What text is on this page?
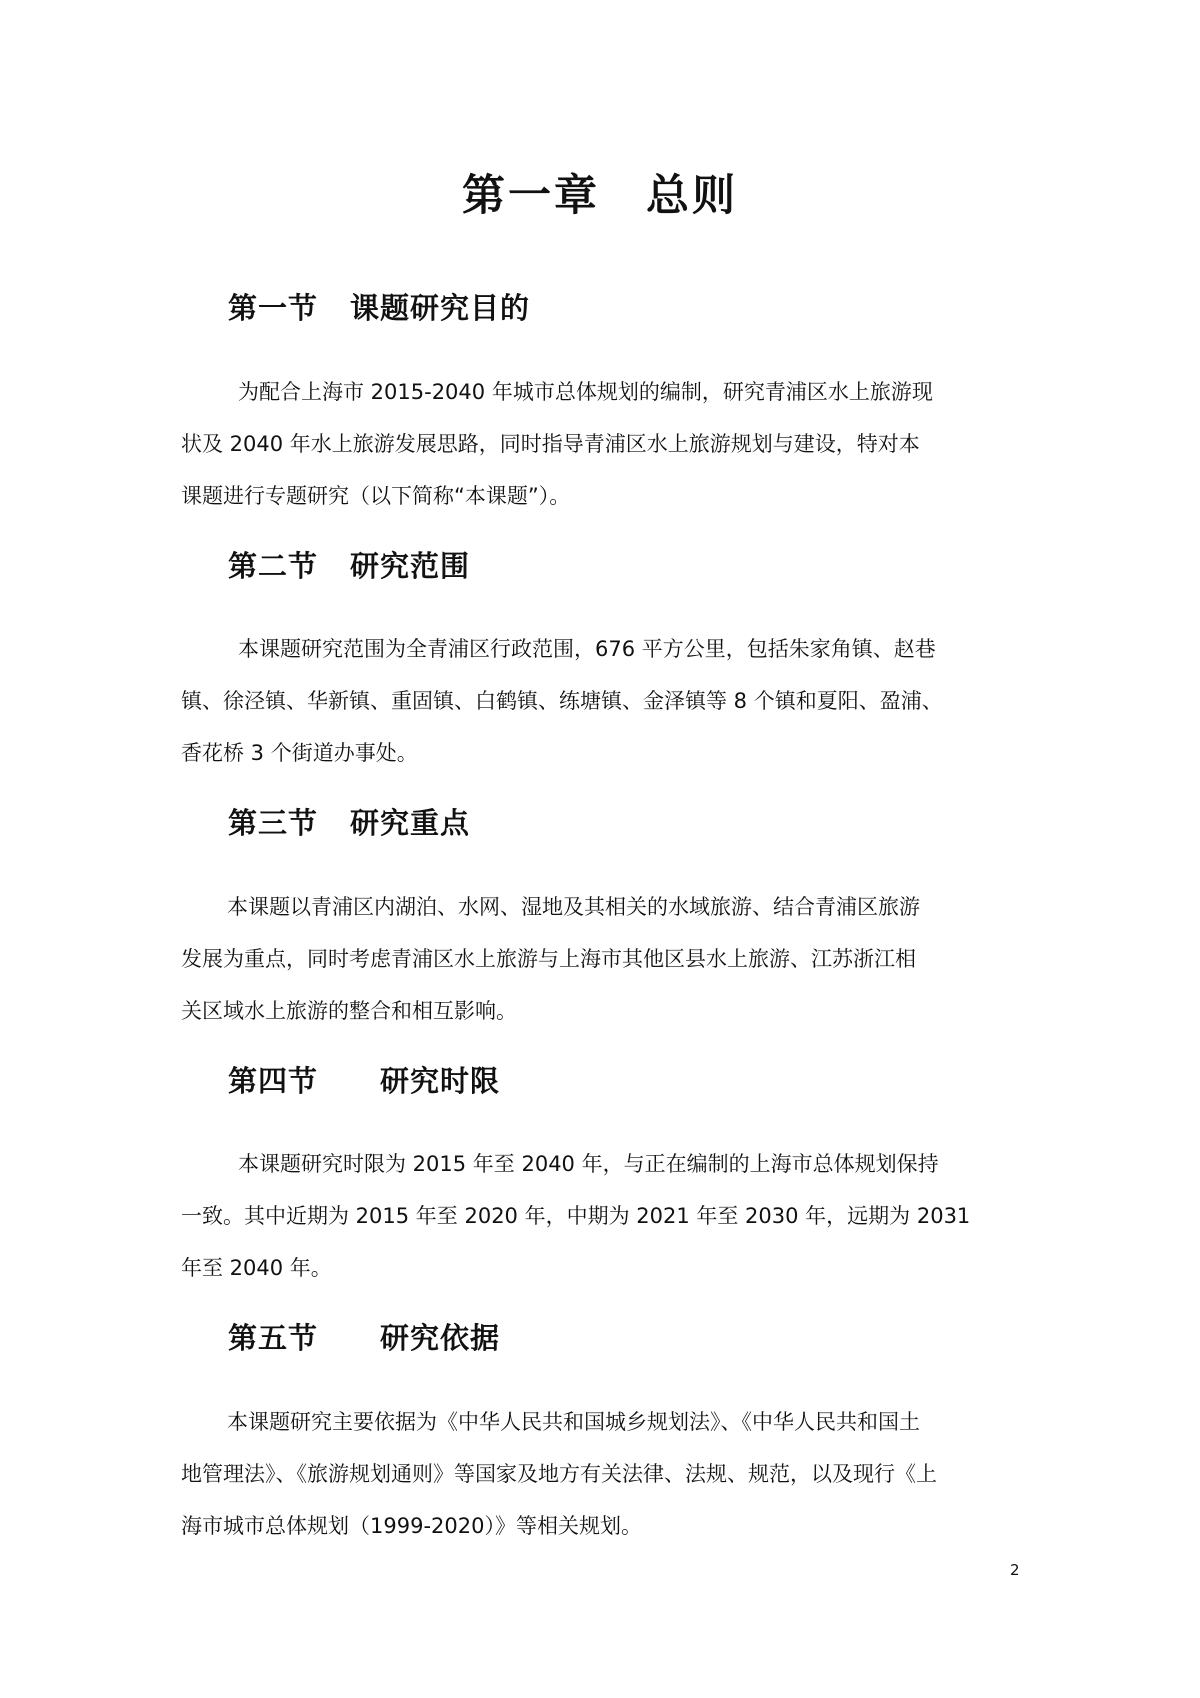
第一章　总则
第一节 课题研究目的
为配合上海市 2015-2040 年城市总体规划的编制，研究青浦区水上旅游现
状及 2040 年水上旅游发展思路，同时指导青浦区水上旅游规划与建设，特对本
课题进行专题研究（以下简称“本课题”）。
第二节 研究范围
本课题研究范围为全青浦区行政范围，676 平方公里，包括朱家角镇、赵巷
镇、徐泾镇、华新镇、重固镇、白鹤镇、练塘镇、金泽镇等 8 个镇和夏阳、盈浦、
香花桥 3 个街道办事处。
第三节 研究重点
本课题以青浦区内湖泊、水网、湿地及其相关的水域旅游、结合青浦区旅游
发展为重点，同时考虑青浦区水上旅游与上海市其他区县水上旅游、江苏浙江相
关区域水上旅游的整合和相互影响。
第四节 研究时限
本课题研究时限为 2015 年至 2040 年，与正在编制的上海市总体规划保持
一致。其中近期为 2015 年至 2020 年，中期为 2021 年至 2030 年，远期为 2031
年至 2040 年。
第五节 研究依据
本课题研究主要依据为《中华人民共和国城乡规划法》、《中华人民共和国土
地管理法》、《旅游规划通则》等国家及地方有关法律、法规、规范，以及现行《上
海市城市总体规划（1999-2020）》等相关规划。
2
